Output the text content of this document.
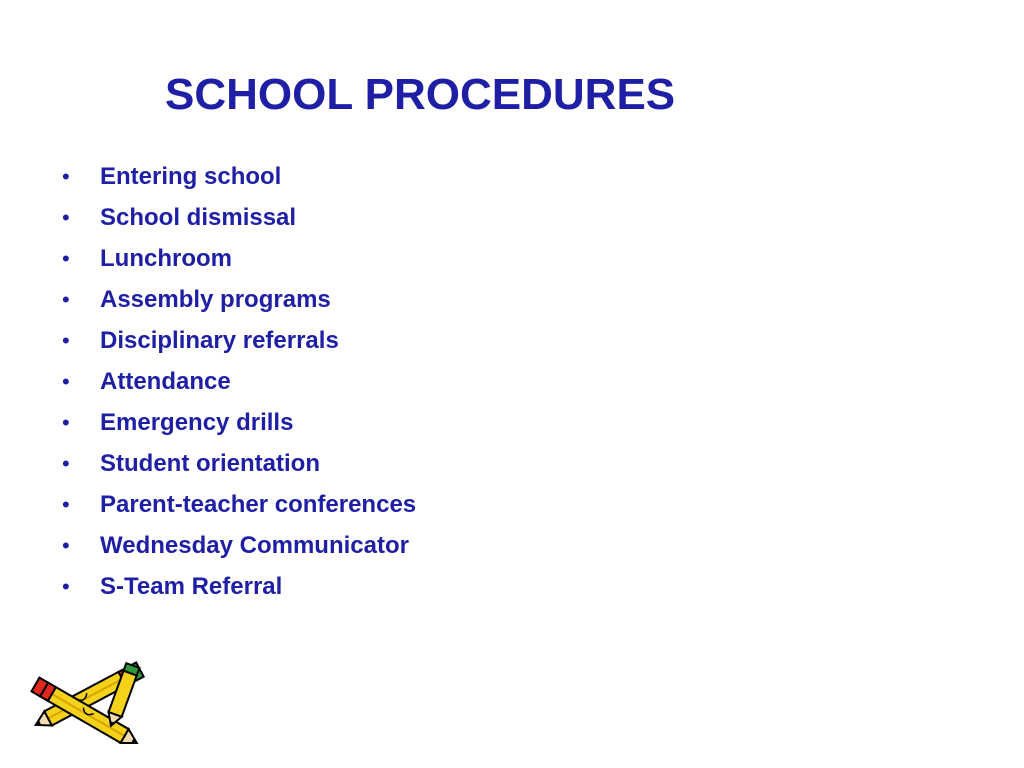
SCHOOL PROCEDURES
• Entering school
• School dismissal
• Lunchroom
• Assembly programs
• Disciplinary referrals
• Attendance
• Emergency drills
• Student orientation
• Parent-teacher conferences
• Wednesday Communicator
• S-Team Referral
